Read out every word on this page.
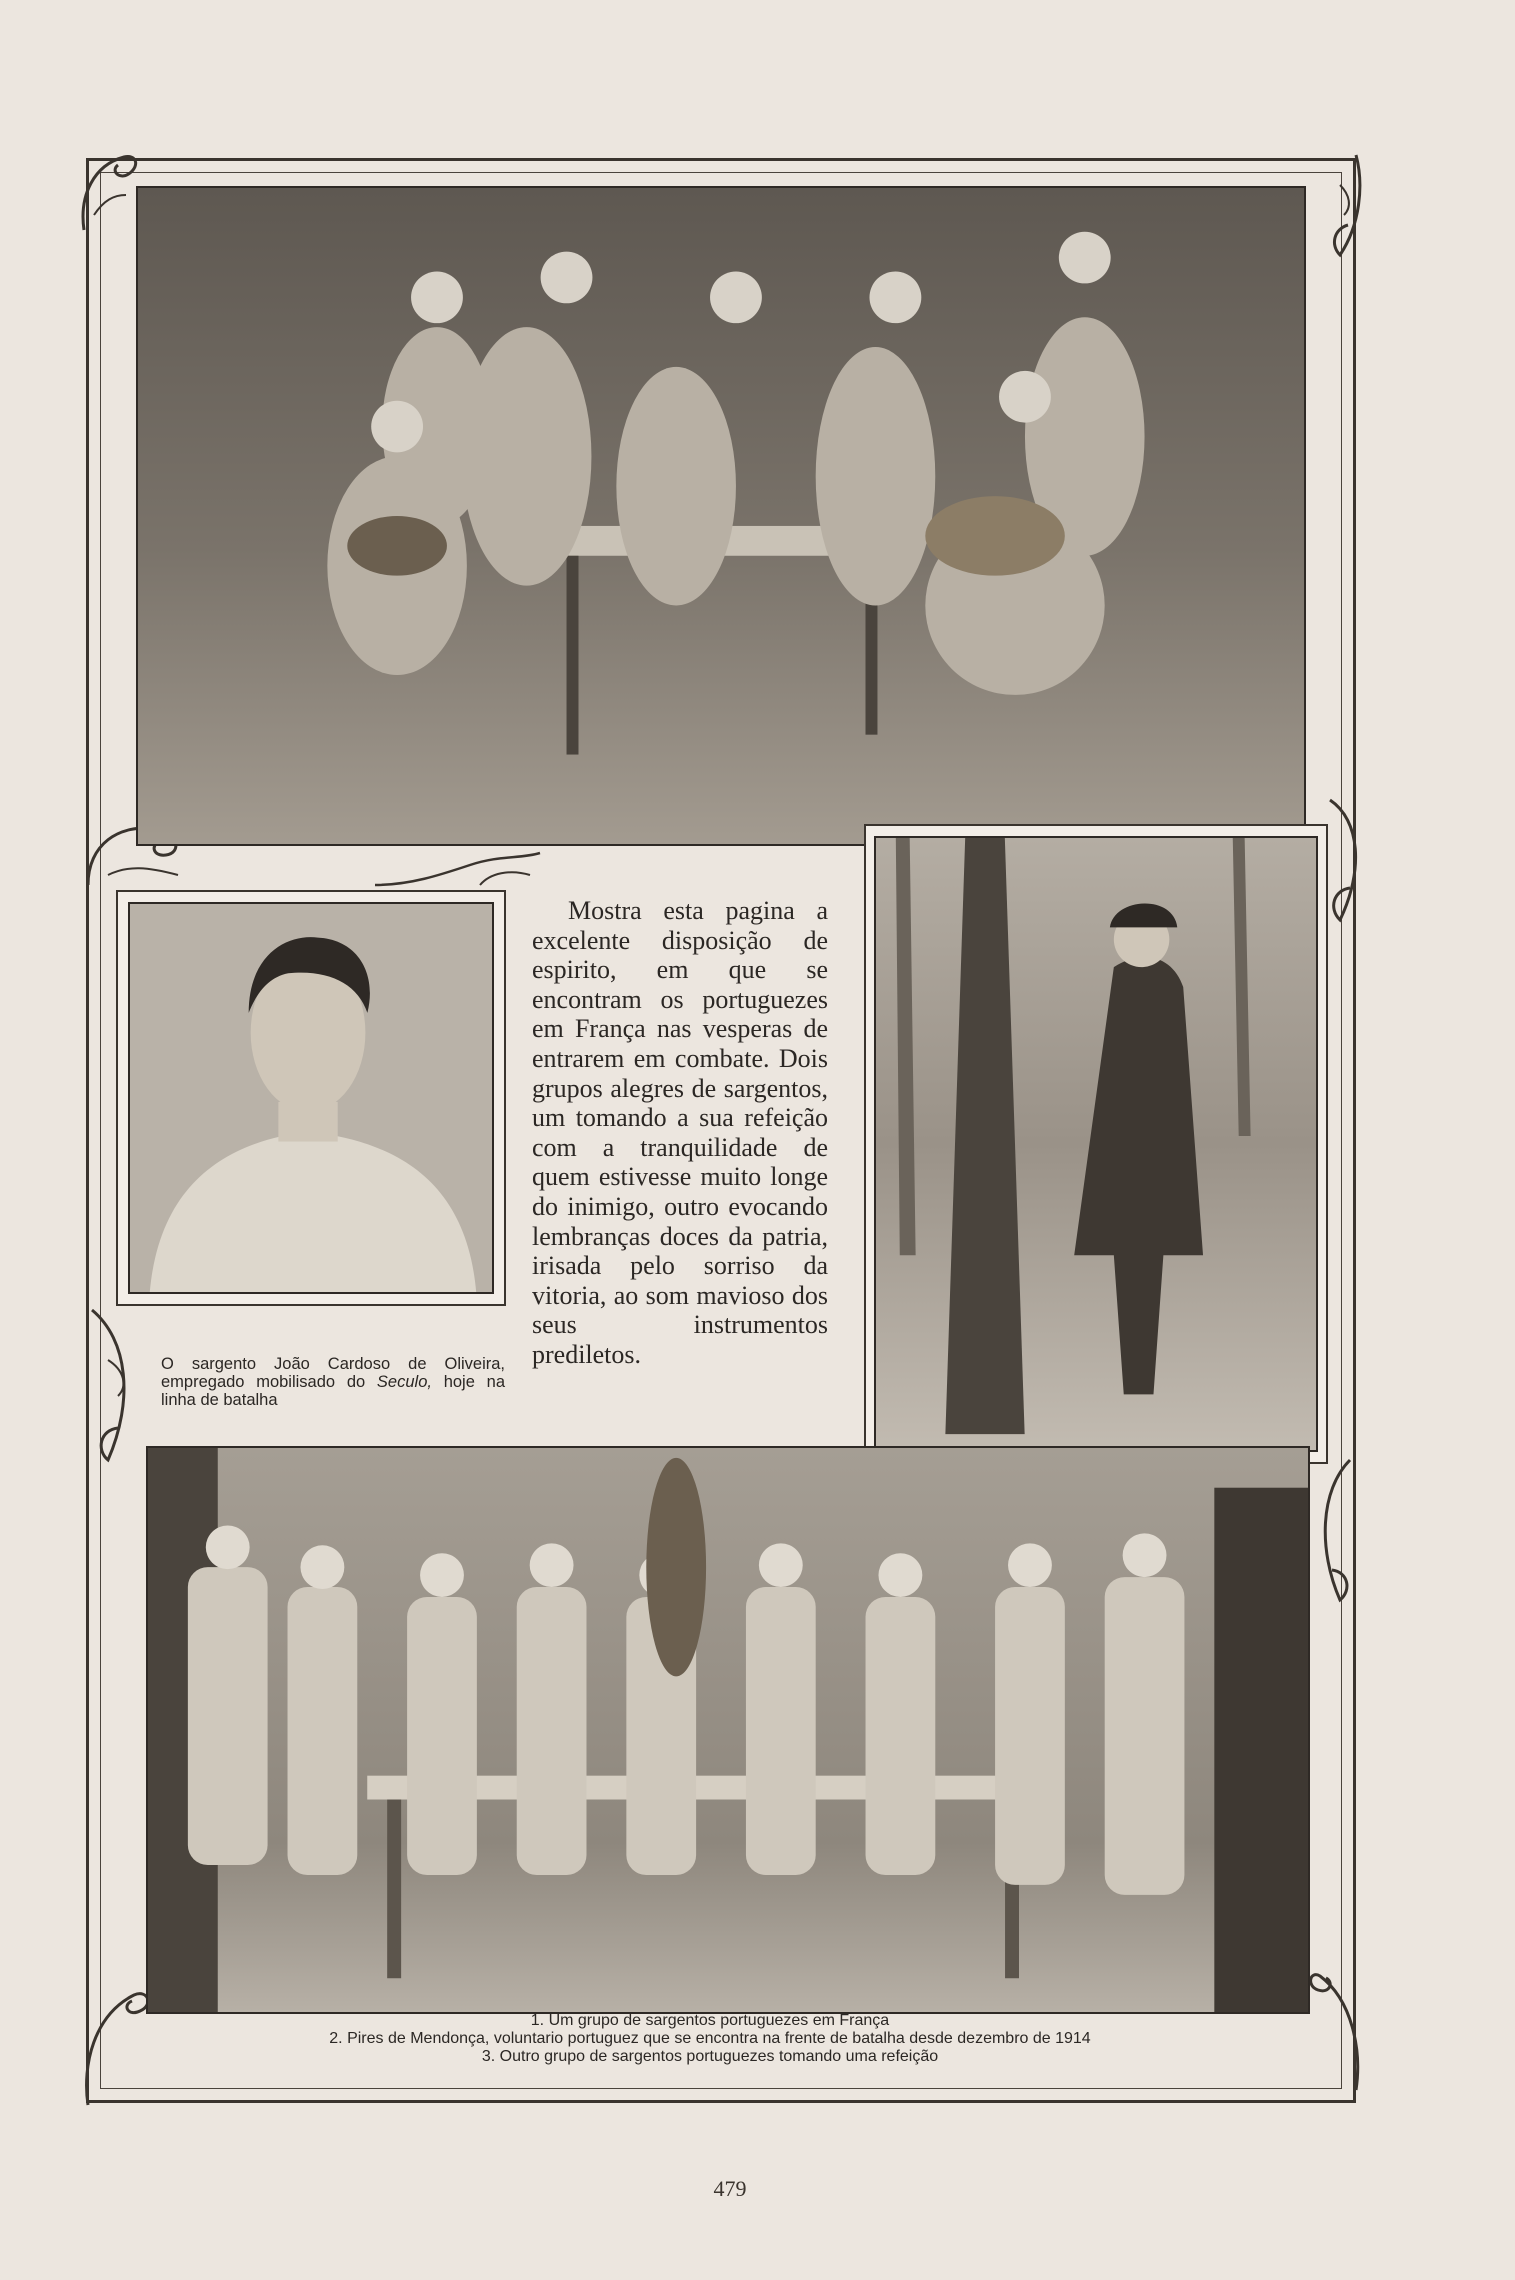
Mostra esta pagina a excelente disposição de espirito, em que se encontram os portuguezes em França nas vesperas de entrarem em combate. Dois grupos alegres de sargentos, um tomando a sua refeição com a tranquilidade de quem estivesse muito longe do inimigo, outro evocando lembranças doces da patria, irisada pelo sorriso da vitoria, ao som mavioso dos seus instrumentos prediletos.
O sargento João Cardoso de Oliveira, empregado mobilisado do Seculo, hoje na linha de batalha
1. Um grupo de sargentos portuguezes em França
2. Pires de Mendonça, voluntario portuguez que se encontra na frente de batalha desde dezembro de 1914
3. Outro grupo de sargentos portuguezes tomando uma refeição
479
